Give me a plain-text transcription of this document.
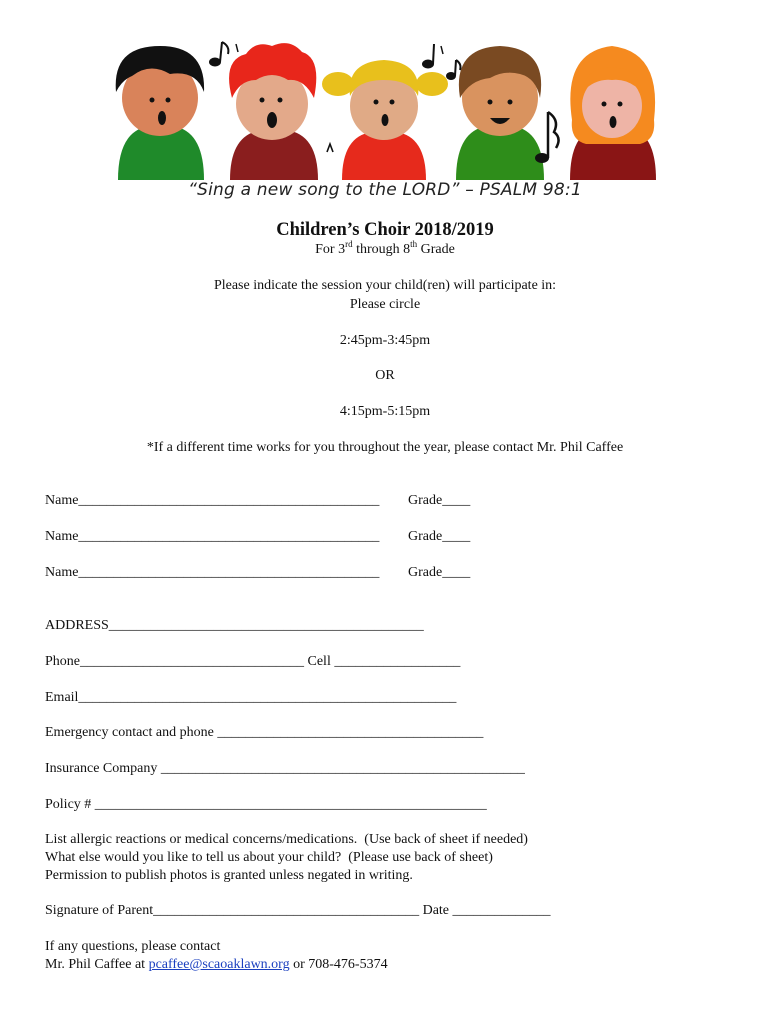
“Sing a new song to the LORD” – PSALM 98:1
Children’s Choir 2018/2019
For 3rd through 8th Grade
Please indicate the session your child(ren) will participate in:
Please circle
2:45pm-3:45pm
OR
4:15pm-5:15pm
*If a different time works for you throughout the year, please contact Mr. Phil Caffee
Name___________________________________________ Grade____
Name___________________________________________ Grade____
Name___________________________________________ Grade____
ADDRESS_____________________________________________
Phone________________________________ Cell __________________
Email______________________________________________________
Emergency contact and phone ______________________________________
Insurance Company ____________________________________________________
Policy # ________________________________________________________
List allergic reactions or medical concerns/medications.  (Use back of sheet if needed)
What else would you like to tell us about your child?  (Please use back of sheet)
Permission to publish photos is granted unless negated in writing.
Signature of Parent______________________________________ Date ______________
If any questions, please contact
Mr. Phil Caffee at pcaffee@scaoaklawn.org or 708-476-5374
